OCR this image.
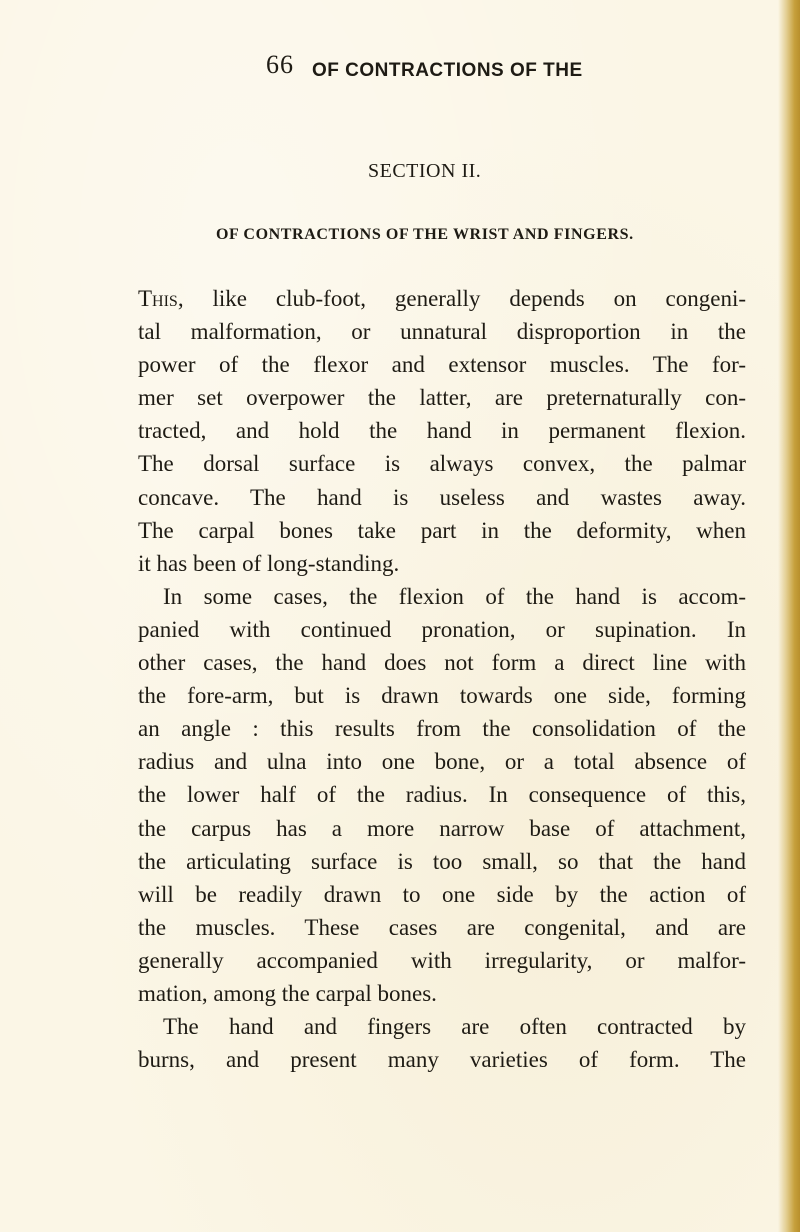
66 OF CONTRACTIONS OF THE
SECTION II.
OF CONTRACTIONS OF THE WRIST AND FINGERS.
This, like club-foot, generally depends on congeni-
tal malformation, or unnatural disproportion in the
power of the flexor and extensor muscles. The for-
mer set overpower the latter, are preternaturally con-
tracted, and hold the hand in permanent flexion.
The dorsal surface is always convex, the palmar
concave. The hand is useless and wastes away.
The carpal bones take part in the deformity, when
it has been of long-standing.
In some cases, the flexion of the hand is accom-
panied with continued pronation, or supination. In
other cases, the hand does not form a direct line with
the fore-arm, but is drawn towards one side, forming
an angle : this results from the consolidation of the
radius and ulna into one bone, or a total absence of
the lower half of the radius. In consequence of this,
the carpus has a more narrow base of attachment,
the articulating surface is too small, so that the hand
will be readily drawn to one side by the action of
the muscles. These cases are congenital, and are
generally accompanied with irregularity, or malfor-
mation, among the carpal bones.
The hand and fingers are often contracted by
burns, and present many varieties of form. The
